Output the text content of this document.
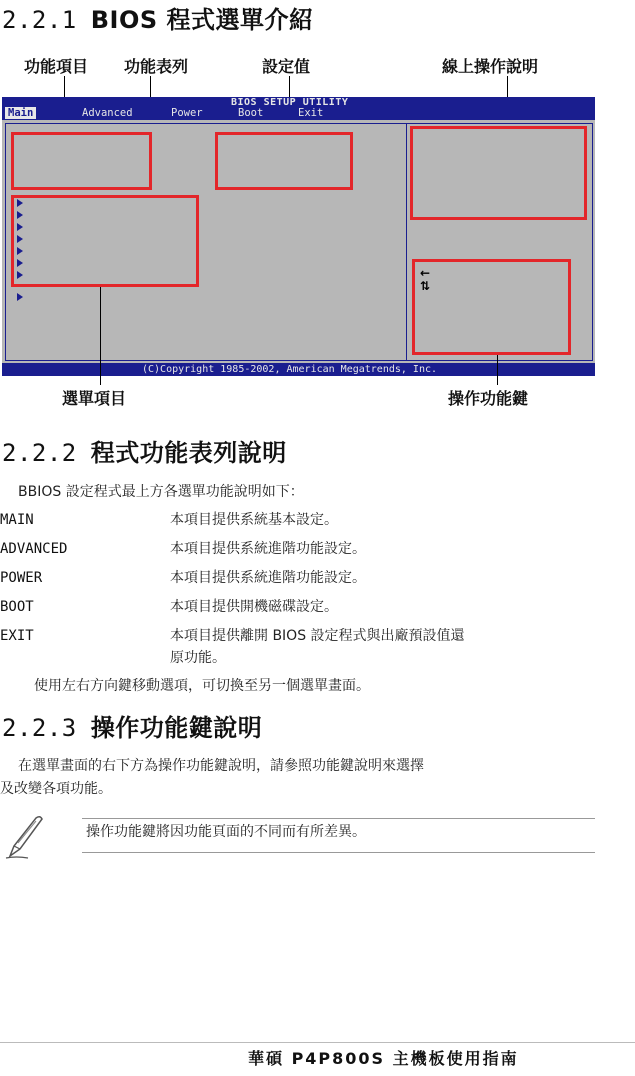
2.2.1 BIOS 程式選單介紹
功能項目 功能表列	設定值	線上操作說明
BIOS SETUP UTILITY
Main	Advanced	Power	Boot	Exit
←
⇅
(C)Copyright 1985-2002, American Megatrends, Inc.
選單項目	操作功能鍵
2.2.2 程式功能表列說明
BBIOS 設定程式最上方各選單功能說明如下：
MAIN	本項目提供系統基本設定。
ADVANCED	本項目提供系統進階功能設定。
POWER	本項目提供系統進階功能設定。
BOOT	本項目提供開機磁碟設定。
EXIT	本項目提供離開 BIOS 設定程式與出廠預設值還
原功能。
使用左右方向鍵移動選項，可切換至另一個選單畫面。
2.2.3 操作功能鍵說明
在選單畫面的右下方為操作功能鍵說明，請參照功能鍵說明來選擇
及改變各項功能。
操作功能鍵將因功能頁面的不同而有所差異。
華碩 P4P800S 主機板使用指南
